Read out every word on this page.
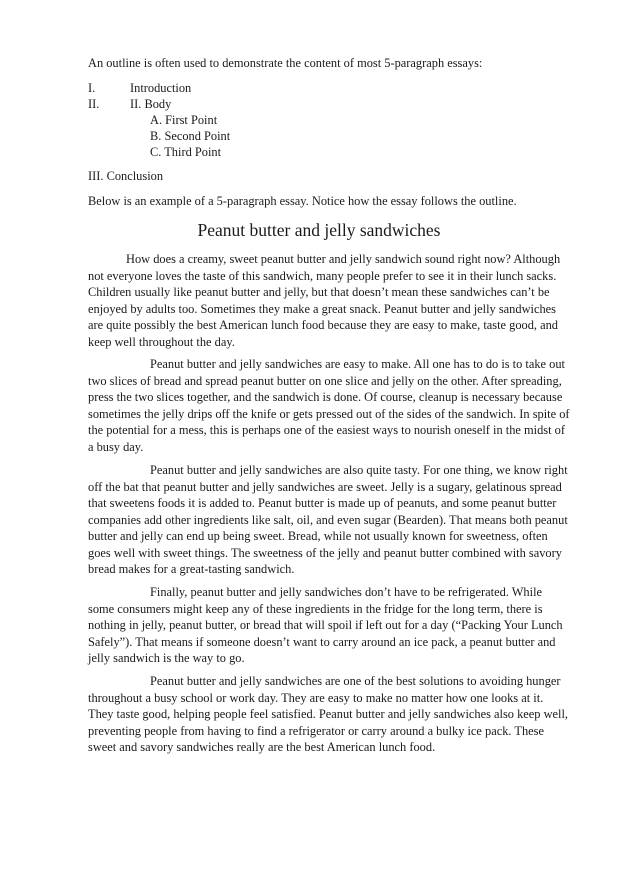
An outline is often used to demonstrate the content of most 5-paragraph essays:
I.	Introduction
II. II. Body
A. First Point
B. Second Point
C. Third Point
III. Conclusion
Below is an example of a 5-paragraph essay. Notice how the essay follows the outline.
Peanut butter and jelly sandwiches
How does a creamy, sweet peanut butter and jelly sandwich sound right now? Although
not everyone loves the taste of this sandwich, many people prefer to see it in their lunch sacks.
Children usually like peanut butter and jelly, but that doesn’t mean these sandwiches can’t be
enjoyed by adults too. Sometimes they make a great snack. Peanut butter and jelly sandwiches
are quite possibly the best American lunch food because they are easy to make, taste good, and
keep well throughout the day.
Peanut butter and jelly sandwiches are easy to make. All one has to do is to take out
two slices of bread and spread peanut butter on one slice and jelly on the other. After spreading,
press the two slices together, and the sandwich is done. Of course, cleanup is necessary because
sometimes the jelly drips off the knife or gets pressed out of the sides of the sandwich. In spite of
the potential for a mess, this is perhaps one of the easiest ways to nourish oneself in the midst of
a busy day.
Peanut butter and jelly sandwiches are also quite tasty. For one thing, we know right
off the bat that peanut butter and jelly sandwiches are sweet. Jelly is a sugary, gelatinous spread
that sweetens foods it is added to. Peanut butter is made up of peanuts, and some peanut butter
companies add other ingredients like salt, oil, and even sugar (Bearden). That means both peanut
butter and jelly can end up being sweet. Bread, while not usually known for sweetness, often
goes well with sweet things. The sweetness of the jelly and peanut butter combined with savory
bread makes for a great-tasting sandwich.
Finally, peanut butter and jelly sandwiches don’t have to be refrigerated. While
some consumers might keep any of these ingredients in the fridge for the long term, there is
nothing in jelly, peanut butter, or bread that will spoil if left out for a day (“Packing Your Lunch
Safely”). That means if someone doesn’t want to carry around an ice pack, a peanut butter and
jelly sandwich is the way to go.
Peanut butter and jelly sandwiches are one of the best solutions to avoiding hunger
throughout a busy school or work day. They are easy to make no matter how one looks at it.
They taste good, helping people feel satisfied. Peanut butter and jelly sandwiches also keep well,
preventing people from having to find a refrigerator or carry around a bulky ice pack. These
sweet and savory sandwiches really are the best American lunch food.
